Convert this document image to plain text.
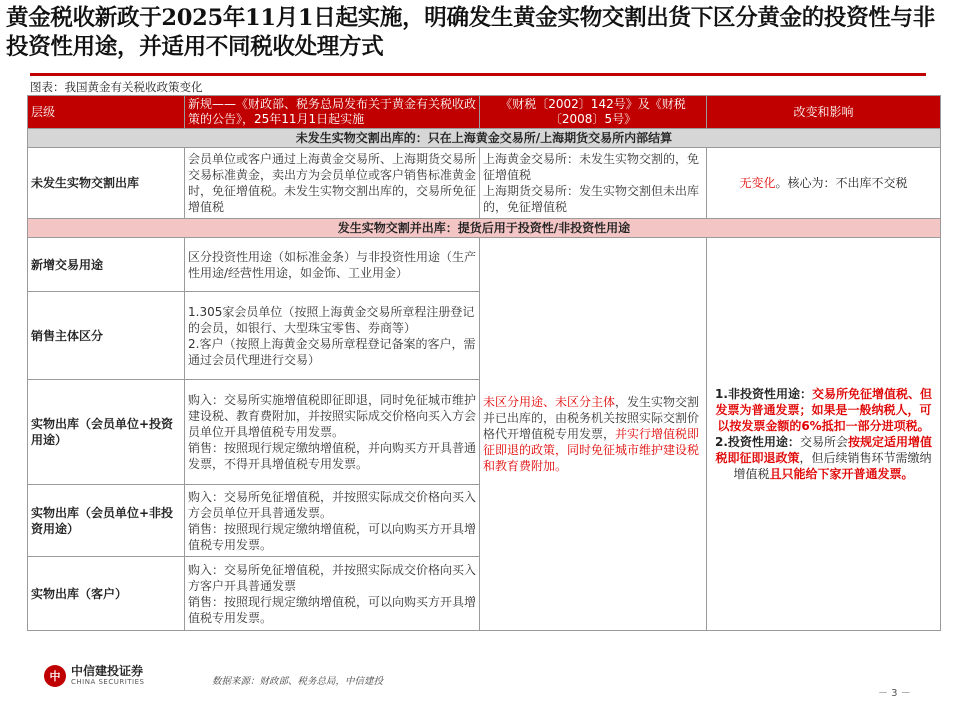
黄金税收新政于2025年11月1日起实施，明确发生黄金实物交割出货下区分黄金的投资性与非投资性用途，并适用不同税收处理方式
图表：我国黄金有关税收政策变化
层级	新规——《财政部、税务总局发布关于黄金有关税收政策的公告》，25年11月1日起实施	《财税〔2002〕142号》及《财税〔2008〕5号》	改变和影响
未发生实物交割出库的：只在上海黄金交易所/上海期货交易所内部结算			
未发生实物交割出库	会员单位或客户通过上海黄金交易所、上海期货交易所交易标准黄金，卖出方为会员单位或客户销售标准黄金时，免征增值税。未发生实物交割出库的，交易所免征增值税	上海黄金交易所：未发生实物交割的，免征增值税
上海期货交易所：发生实物交割但未出库的，免征增值税	无变化。核心为：不出库不交税
发生实物交割并出库：提货后用于投资性/非投资性用途			
新增交易用途	区分投资性用途（如标准金条）与非投资性用途（生产性用途/经营性用途，如金饰、工业用金）	未区分用途、未区分主体，发生实物交割并已出库的，由税务机关按照实际交割价格代开增值税专用发票，并实行增值税即征即退的政策，同时免征城市维护建设税和教育费附加。	1.非投资性用途：交易所免征增值税、但发票为普通发票；如果是一般纳税人，可以按发票金额的6%抵扣一部分进项税。
2.投资性用途：交易所会按规定适用增值税即征即退政策，但后续销售环节需缴纳增值税且只能给下家开普通发票。
销售主体区分	1.305家会员单位（按照上海黄金交易所章程注册登记的会员，如银行、大型珠宝零售、券商等）
2.客户（按照上海黄金交易所章程登记备案的客户，需通过会员代理进行交易）		
实物出库（会员单位+投资用途）	购入：交易所实施增值税即征即退，同时免征城市维护建设税、教育费附加，并按照实际成交价格向买入方会员单位开具增值税专用发票。
销售：按照现行规定缴纳增值税，并向购买方开具普通发票，不得开具增值税专用发票。		
实物出库（会员单位+非投资用途）	购入：交易所免征增值税，并按照实际成交价格向买入方会员单位开具普通发票。
销售：按照现行规定缴纳增值税，可以向购买方开具增值税专用发票。		
实物出库（客户）	购入：交易所免征增值税，并按照实际成交价格向买入方客户开具普通发票
销售：按照现行规定缴纳增值税，可以向购买方开具增值税专用发票。		
中 中信建投证券
CHINA SECURITIES	数据来源：财政部、税务总局，中信建投
－ 3 －
